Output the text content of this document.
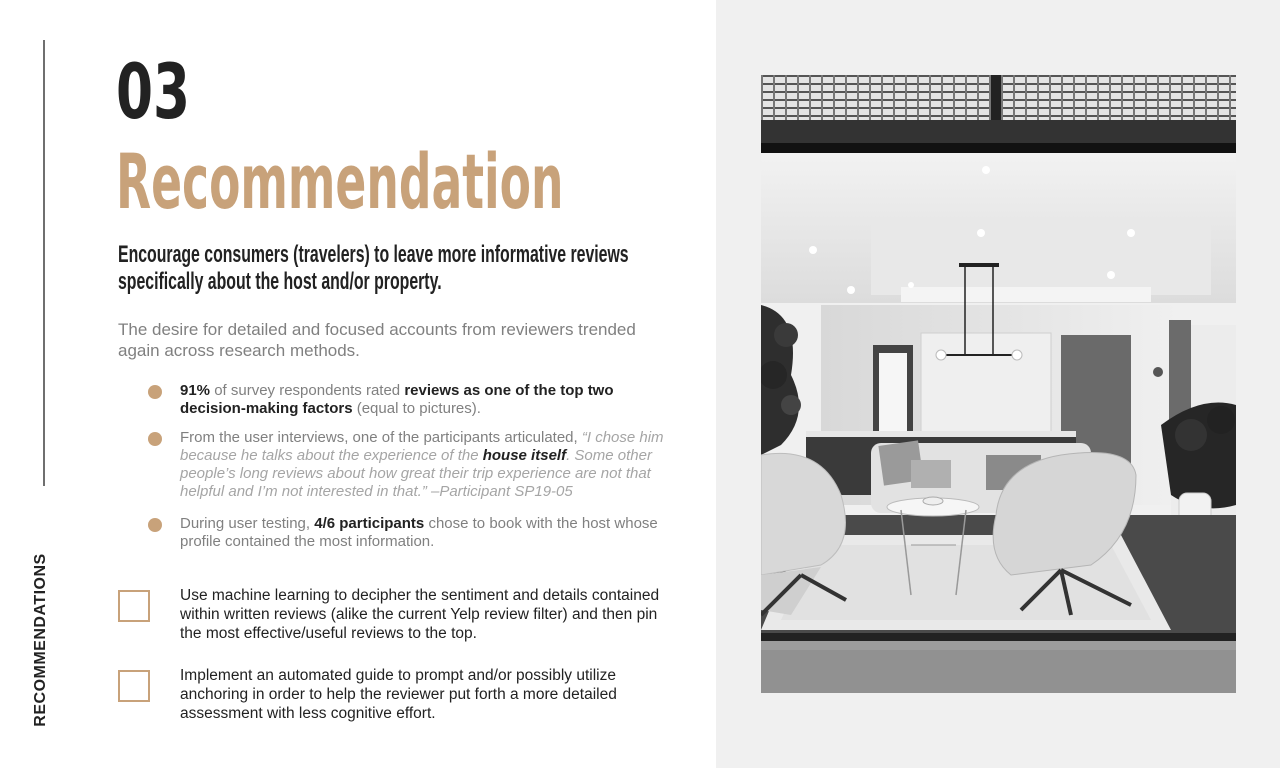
RECOMMENDATIONS
03
Recommendation
Encourage consumers (travelers) to leave more informative reviews specifically about the host and/or property.
The desire for detailed and focused accounts from reviewers trended again across research methods.
91% of survey respondents rated reviews as one of the top two decision-making factors (equal to pictures).
From the user interviews, one of the participants articulated, “I chose him because he talks about the experience of the house itself. Some other people’s long reviews about how great their trip experience are not that helpful and I’m not interested in that.” –Participant SP19-05
During user testing, 4/6 participants chose to book with the host whose profile contained the most information.
Use machine learning to decipher the sentiment and details contained within written reviews (alike the current Yelp review filter) and then pin the most effective/useful reviews to the top.
Implement an automated guide to prompt and/or possibly utilize anchoring in order to help the reviewer put forth a more detailed assessment with less cognitive effort.
